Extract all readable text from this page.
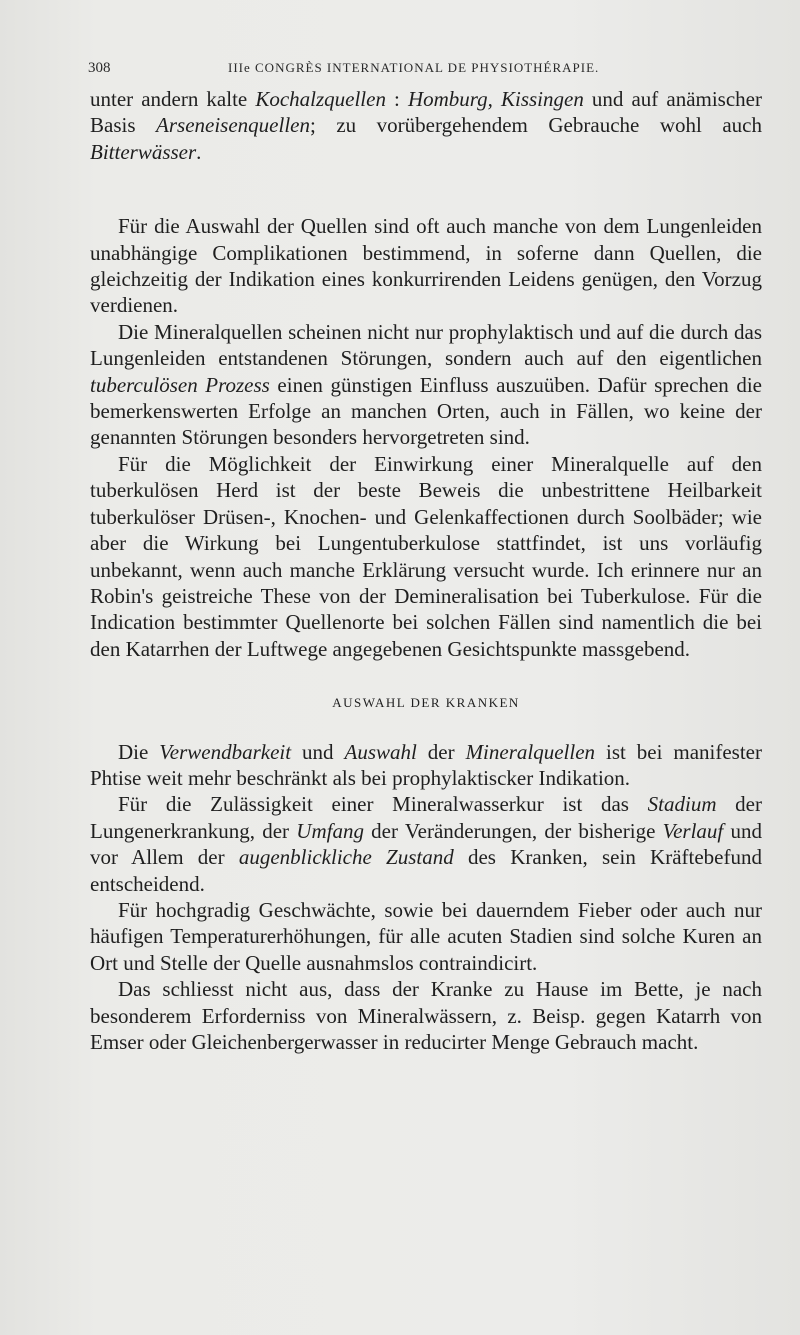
308	IIIe CONGRÈS INTERNATIONAL DE PHYSIOTHÉRAPIE.

unter andern kalte Kochalzquellen : Homburg, Kissingen und auf anämischer Basis Arseneisenquellen; zu vorübergehendem Gebrauche wohl auch Bitterwässer.

Für die Auswahl der Quellen sind oft auch manche von dem Lungenleiden unabhängige Complikationen bestimmend, in soferne dann Quellen, die gleichzeitig der Indikation eines konkurrirenden Leidens genügen, den Vorzug verdienen.

Die Mineralquellen scheinen nicht nur prophylaktisch und auf die durch das Lungenleiden entstandenen Störungen, sondern auch auf den eigentlichen tuberculösen Prozess einen günstigen Einfluss auszuüben. Dafür sprechen die bemerkenswerten Erfolge an manchen Orten, auch in Fällen, wo keine der genannten Störungen besonders hervorgetreten sind.

Für die Möglichkeit der Einwirkung einer Mineralquelle auf den tuberkulösen Herd ist der beste Beweis die unbestrittene Heilbarkeit tuberkulöser Drüsen-, Knochen- und Gelenkaffectionen durch Soolbäder; wie aber die Wirkung bei Lungentuberkulose stattfindet, ist uns vorläufig unbekannt, wenn auch manche Erklärung versucht wurde. Ich erinnere nur an Robin's geistreiche These von der Demineralisation bei Tuberkulose. Für die Indication bestimmter Quellenorte bei solchen Fällen sind namentlich die bei den Katarrhen der Luftwege angegebenen Gesichtspunkte massgebend.

AUSWAHL DER KRANKEN

Die Verwendbarkeit und Auswahl der Mineralquellen ist bei manifester Phtise weit mehr beschränkt als bei prophylaktiscker Indikation.

Für die Zulässigkeit einer Mineralwasserkur ist das Stadium der Lungenerkrankung, der Umfang der Veränderungen, der bisherige Verlauf und vor Allem der augenblickliche Zustand des Kranken, sein Kräftebefund entscheidend.

Für hochgradig Geschwächte, sowie bei dauerndem Fieber oder auch nur häufigen Temperaturerhöhungen, für alle acuten Stadien sind solche Kuren an Ort und Stelle der Quelle ausnahmslos contraindicirt.

Das schliesst nicht aus, dass der Kranke zu Hause im Bette, je nach besonderem Erforderniss von Mineralwässern, z. Beisp. gegen Katarrh von Emser oder Gleichenbergerwasser in reducirter Menge Gebrauch macht.
